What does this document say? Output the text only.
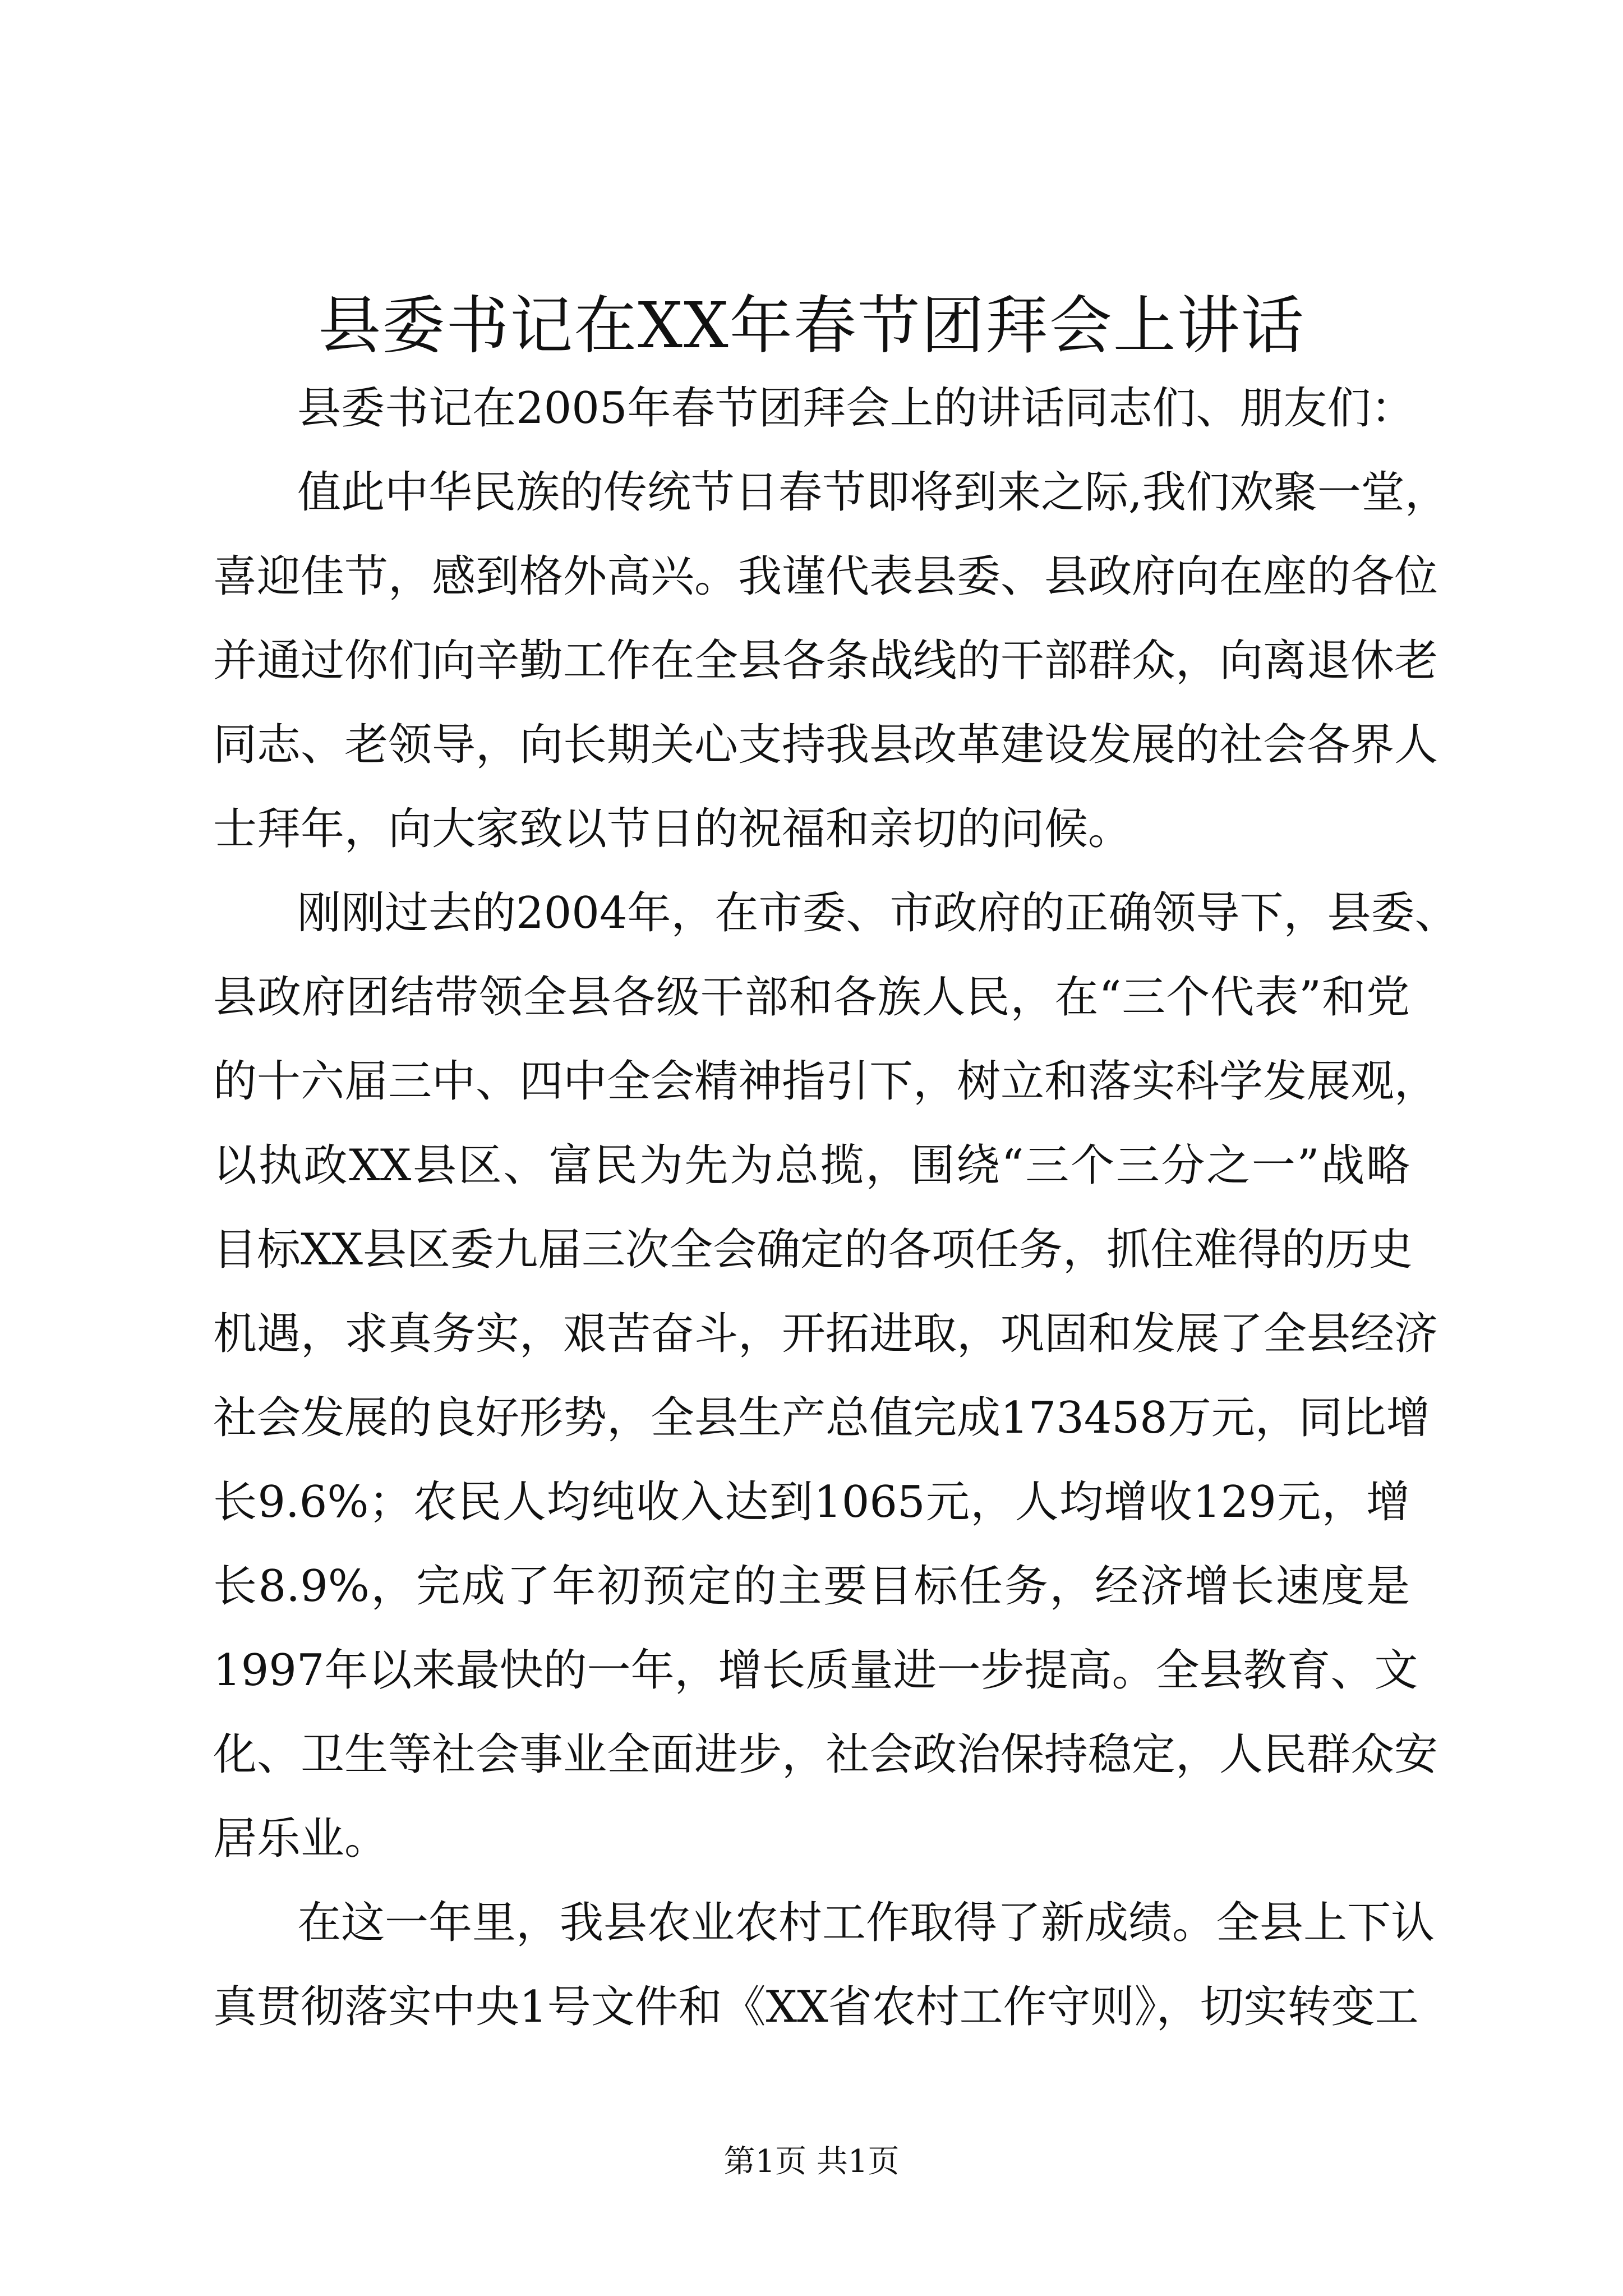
县委书记在XX年春节团拜会上讲话
县委书记在2005年春节团拜会上的讲话同志们、朋友们：
值此中华民族的传统节日春节即将到来之际,我们欢聚一堂，
喜迎佳节，感到格外高兴。我谨代表县委、县政府向在座的各位
并通过你们向辛勤工作在全县各条战线的干部群众，向离退休老
同志、老领导，向长期关心支持我县改革建设发展的社会各界人
士拜年，向大家致以节日的祝福和亲切的问候。
刚刚过去的2004年，在市委、市政府的正确领导下，县委、
县政府团结带领全县各级干部和各族人民，在“三个代表”和党
的十六届三中、四中全会精神指引下，树立和落实科学发展观，
以执政XX县区、富民为先为总揽，围绕“三个三分之一”战略
目标XX县区委九届三次全会确定的各项任务，抓住难得的历史
机遇，求真务实，艰苦奋斗，开拓进取，巩固和发展了全县经济
社会发展的良好形势，全县生产总值完成173458万元，同比增
长9.6%；农民人均纯收入达到1065元，人均增收129元，增
长8.9%，完成了年初预定的主要目标任务，经济增长速度是
1997年以来最快的一年，增长质量进一步提高。全县教育、文
化、卫生等社会事业全面进步，社会政治保持稳定，人民群众安
居乐业。
在这一年里，我县农业农村工作取得了新成绩。全县上下认
真贯彻落实中央1号文件和《XX省农村工作守则》，切实转变工
第1页 共1页
